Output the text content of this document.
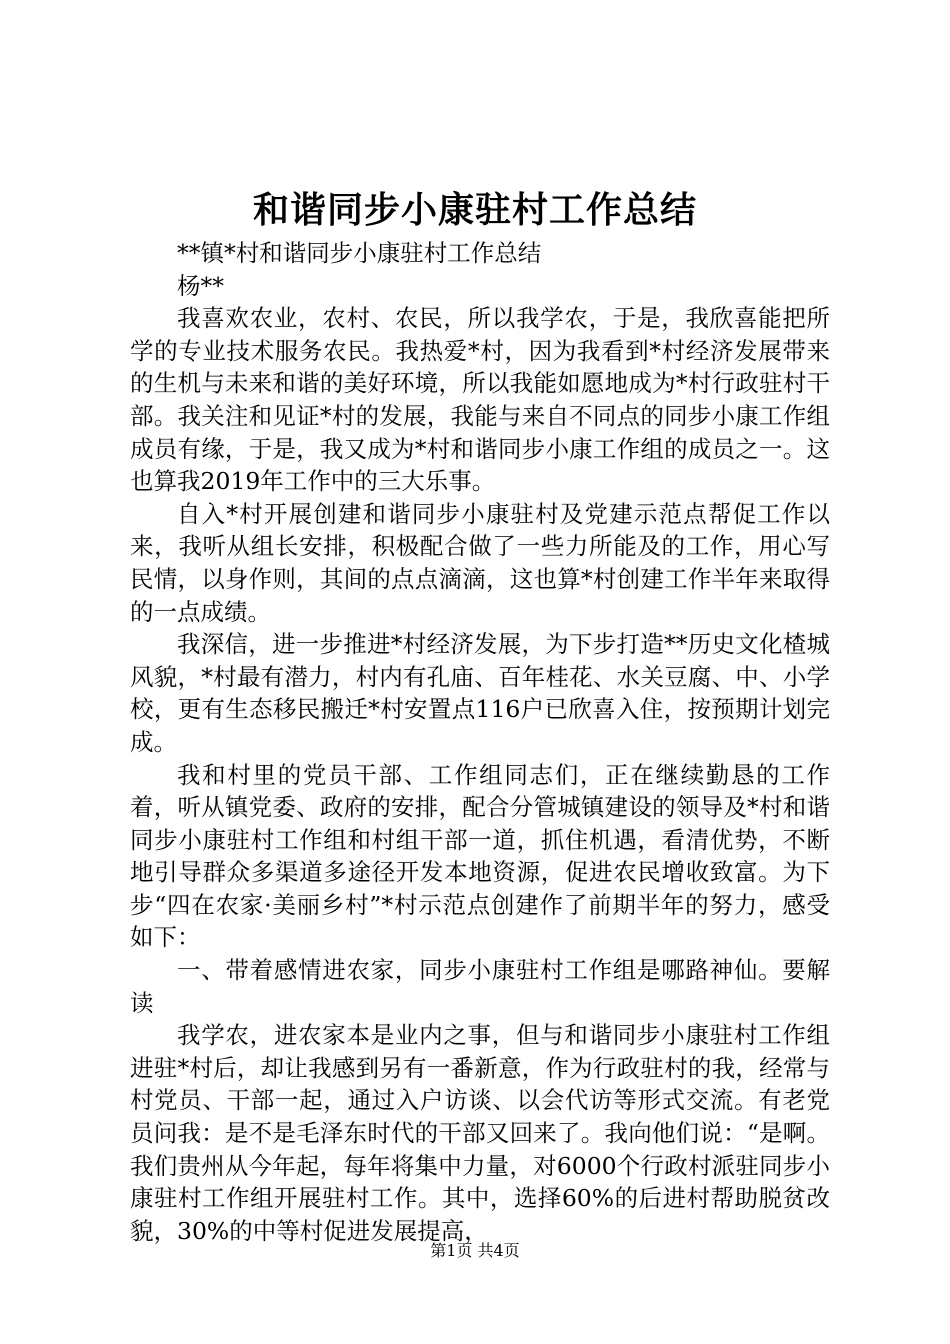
和谐同步小康驻村工作总结

**镇*村和谐同步小康驻村工作总结

杨**

我喜欢农业，农村、农民，所以我学农，于是，我欣喜能把所学的专业技术服务农民。我热爱*村，因为我看到*村经济发展带来的生机与未来和谐的美好环境，所以我能如愿地成为*村行政驻村干部。我关注和见证*村的发展，我能与来自不同点的同步小康工作组成员有缘，于是，我又成为*村和谐同步小康工作组的成员之一。这也算我2019年工作中的三大乐事。

自入*村开展创建和谐同步小康驻村及党建示范点帮促工作以来，我听从组长安排，积极配合做了一些力所能及的工作，用心写民情，以身作则，其间的点点滴滴，这也算*村创建工作半年来取得的一点成绩。

我深信，进一步推进*村经济发展，为下步打造**历史文化楂城风貌，*村最有潜力，村内有孔庙、百年桂花、水关豆腐、中、小学校，更有生态移民搬迁*村安置点116户已欣喜入住，按预期计划完成。

我和村里的党员干部、工作组同志们，正在继续勤恳的工作着，听从镇党委、政府的安排，配合分管城镇建设的领导及*村和谐同步小康驻村工作组和村组干部一道，抓住机遇，看清优势，不断地引导群众多渠道多途径开发本地资源，促进农民增收致富。为下步“四在农家·美丽乡村”*村示范点创建作了前期半年的努力，感受如下：

一、带着感情进农家，同步小康驻村工作组是哪路神仙。要解读

我学农，进农家本是业内之事，但与和谐同步小康驻村工作组进驻*村后，却让我感到另有一番新意，作为行政驻村的我，经常与村党员、干部一起，通过入户访谈、以会代访等形式交流。有老党员问我：是不是毛泽东时代的干部又回来了。我向他们说：“是啊。我们贵州从今年起，每年将集中力量，对6000个行政村派驻同步小康驻村工作组开展驻村工作。其中，选择60%的后进村帮助脱贫改貌，30%的中等村促进发展提高，

第1页 共4页
